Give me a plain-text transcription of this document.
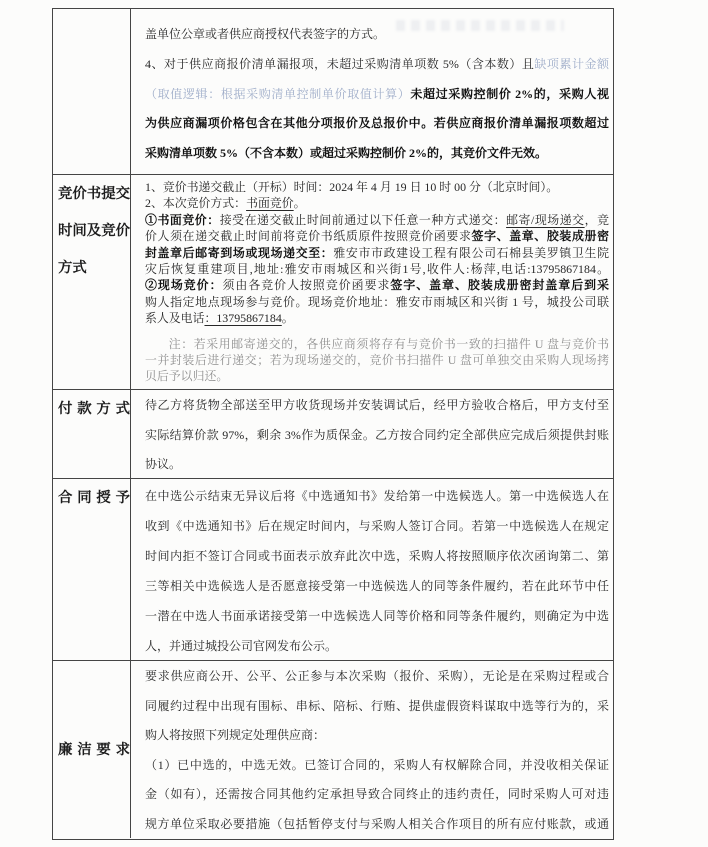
盖单位公章或者供应商授权代表签字的方式。
4、对于供应商报价清单漏报项，未超过采购清单项数 5%（含本数）且缺项累计金额
（取值逻辑：根据采购清单控制单价取值计算）未超过采购控制价 2%的，采购人视
为供应商漏项价格包含在其他分项报价及总报价中。若供应商报价清单漏报项数超过
采购清单项数 5%（不含本数）或超过采购控制价 2%的，其竞价文件无效。
竞价书提交时间及竞价方式
1、竞价书递交截止（开标）时间：2024 年 4 月 19 日 10 时 00 分（北京时间）。
2、本次竞价方式：书面竞价。
①书面竞价：接受在递交截止时间前通过以下任意一种方式递交：邮寄/现场递交，竞
价人须在递交截止时间前将竞价书纸质原件按照竞价函要求签字、盖章、胶装成册密
封盖章后邮寄到场或现场递交至：雅安市市政建设工程有限公司石棉县美罗镇卫生院
灾后恢复重建项目,地址:雅安市雨城区和兴街1号,收件人:杨萍,电话:13795867184。
②现场竞价：须由各竞价人按照竞价函要求签字、盖章、胶装成册密封盖章后到采
购人指定地点现场参与竞价。现场竞价地址：雅安市雨城区和兴街 1 号，城投公司联
系人及电话：13795867184。
注：若采用邮寄递交的，各供应商须将存有与竞价书一致的扫描件 U 盘与竞价书
一并封装后进行递交；若为现场递交的，竞价书扫描件 U 盘可单独交由采购人现场拷
贝后予以归还。
付款方式 待乙方将货物全部送至甲方收货现场并安装调试后，经甲方验收合格后，甲方支付至
实际结算价款 97%，剩余 3%作为质保金。乙方按合同约定全部供应完成后须提供封账
协议。
合同授予 在中选公示结束无异议后将《中选通知书》发给第一中选候选人。第一中选候选人在
收到《中选通知书》后在规定时间内，与采购人签订合同。若第一中选候选人在规定
时间内拒不签订合同或书面表示放弃此次中选，采购人将按照顺序依次函询第二、第
三等相关中选候选人是否愿意接受第一中选候选人的同等条件履约，若在此环节中任
一潜在中选人书面承诺接受第一中选候选人同等价格和同等条件履约，则确定为中选
人，并通过城投公司官网发布公示。
廉洁要求
要求供应商公开、公平、公正参与本次采购（报价、采购），无论是在采购过程或合
同履约过程中出现有围标、串标、陪标、行贿、提供虚假资料谋取中选等行为的，采
购人将按照下列规定处理供应商：
（1）已中选的，中选无效。已签订合同的，采购人有权解除合同，并没收相关保证
金（如有），还需按合同其他约定承担导致合同终止的违约责任，同时采购人可对违
规方单位采取必要措施（包括暂停支付与采购人相关合作项目的所有应付账款，或通
